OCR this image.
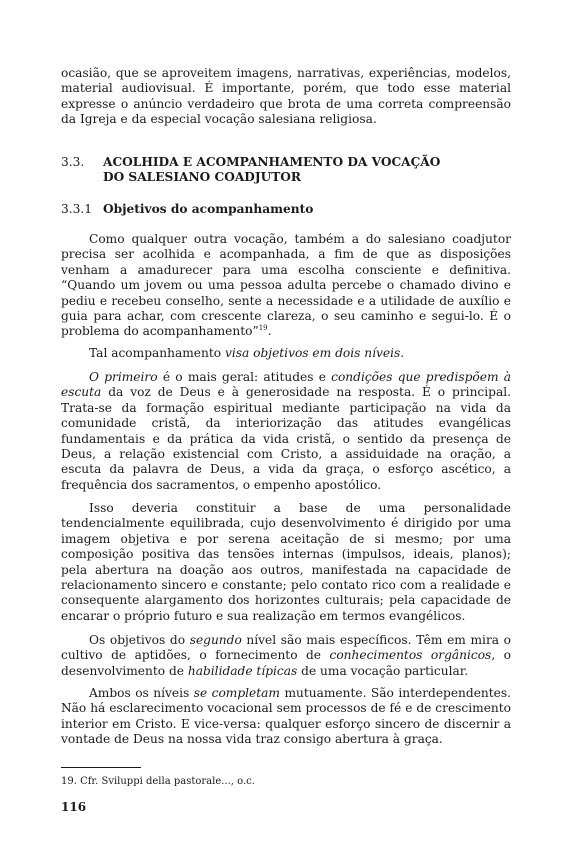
ocasião, que se aproveitem imagens, narrativas, experiências, modelos, material audiovisual. É importante, porém, que todo esse material expresse o anúncio verdadeiro que brota de uma correta compreensão da Igreja e da especial vocação salesiana religiosa.

3.3. ACOLHIDA E ACOMPANHAMENTO DA VOCAÇÃO
DO SALESIANO COADJUTOR
3.3.1 Objetivos do acompanhamento

Como qualquer outra vocação, também a do salesiano coadjutor precisa ser acolhida e acompanhada, a fim de que as disposições venham a amadurecer para uma escolha consciente e definitiva. “Quando um jovem ou uma pessoa adulta percebe o chamado divino e pediu e recebeu conselho, sente a necessidade e a utilidade de auxílio e guia para achar, com crescente clareza, o seu caminho e segui-lo. É o problema do acompanhamento”$^{19}$.

Tal acompanhamento visa objetivos em dois níveis.

O primeiro é o mais geral: atitudes e condições que predispõem à escuta da voz de Deus e à generosidade na resposta. É o principal. Trata-se da formação espiritual mediante participação na vida da comunidade cristã, da interiorização das atitudes evangélicas fundamentais e da prática da vida cristã, o sentido da presença de Deus, a relação existencial com Cristo, a assiduidade na oração, a escuta da palavra de Deus, a vida da graça, o esforço ascético, a frequência dos sacramentos, o empenho apostólico.

Isso deveria constituir a base de uma personalidade tendencialmente equilibrada, cujo desenvolvimento é dirigido por uma imagem objetiva e por serena aceitação de si mesmo; por uma composição positiva das tensões internas (impulsos, ideais, planos); pela abertura na doação aos outros, manifestada na capacidade de relacionamento sincero e constante; pelo contato rico com a realidade e consequente alargamento dos horizontes culturais; pela capacidade de encarar o próprio futuro e sua realização em termos evangélicos.

Os objetivos do segundo nível são mais específicos. Têm em mira o cultivo de aptidões, o fornecimento de conhecimentos orgânicos, o desenvolvimento de habilidade típicas de uma vocação particular.

Ambos os níveis se completam mutuamente. São interdependentes. Não há esclarecimento vocacional sem processos de fé e de crescimento interior em Cristo. E vice-versa: qualquer esforço sincero de discernir a vontade de Deus na nossa vida traz consigo abertura à graça.

19. Cfr. Sviluppi della pastorale..., o.c.

116
